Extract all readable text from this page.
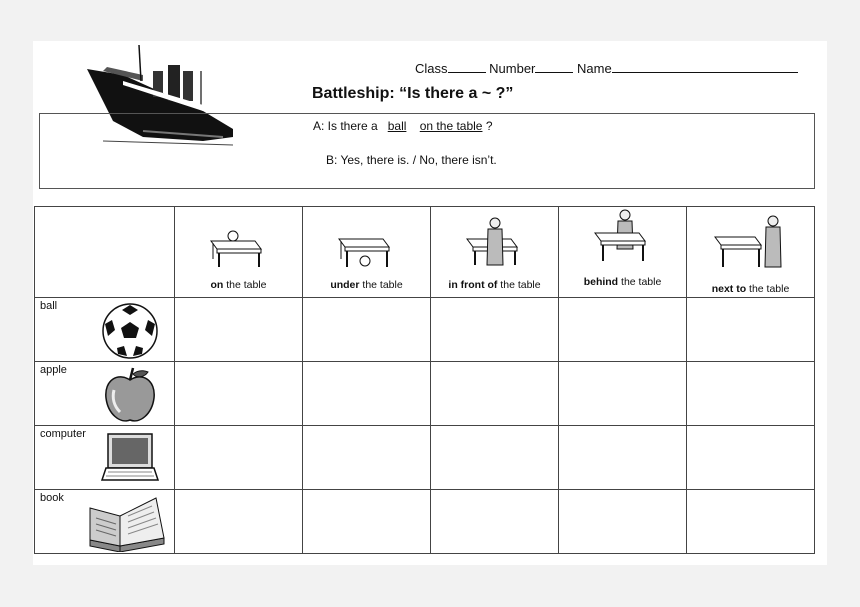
Class	Number	Name
Battleship: “Is there a ~ ?”
A: Is there a ball on the table ?
B: Yes, there is. / No, there isn’t.

	on the table	under the table	in front of the table	behind the table	next to the table

ball					

apple					

computer					

book					
